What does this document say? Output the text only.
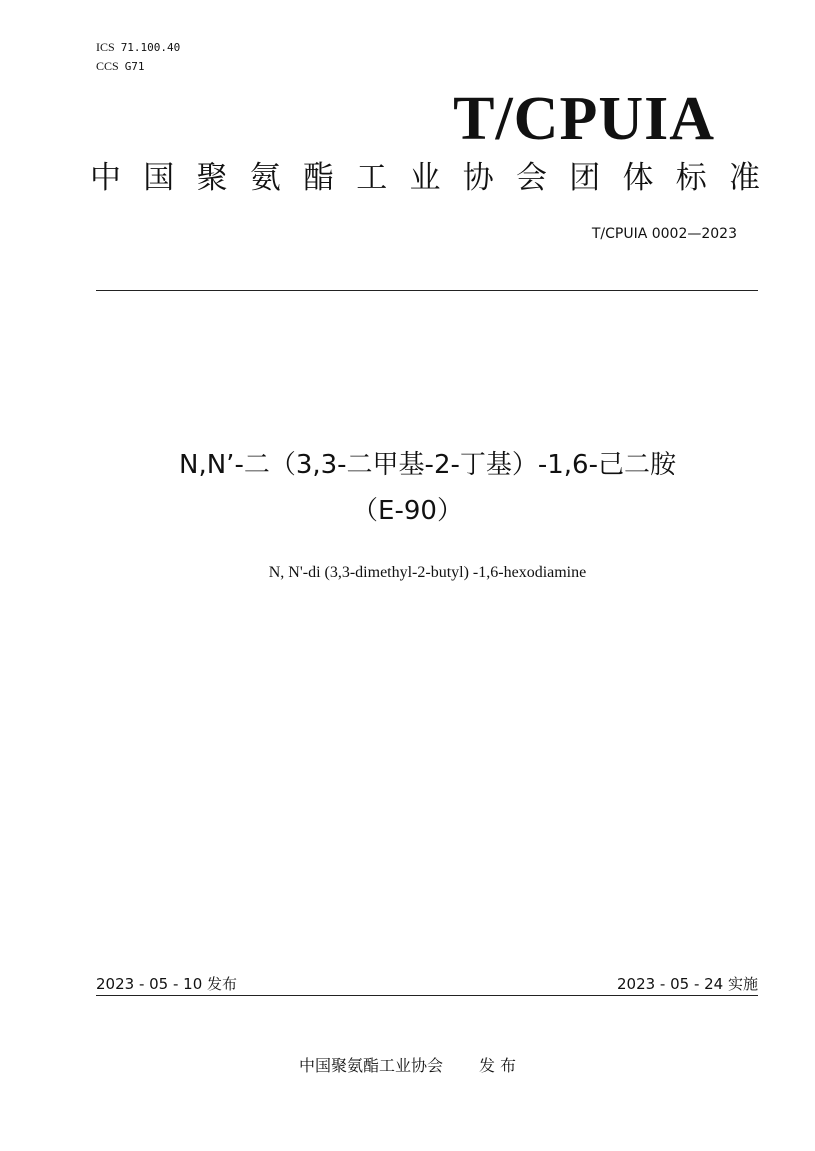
ICS 71.100.40
CCS G71
T/CPUIA
中 国 聚 氨 酯 工 业 协 会 团 体 标 准
T/CPUIA 0002—2023
N,N’-二（3,3-二甲基-2-丁基）-1,6-己二胺
（E-90）
N, N'-di (3,3-dimethyl-2-butyl) -1,6-hexodiamine
2023 - 05 - 10 发布	2023 - 05 - 24 实施
中国聚氨酯工业协会 发 布
